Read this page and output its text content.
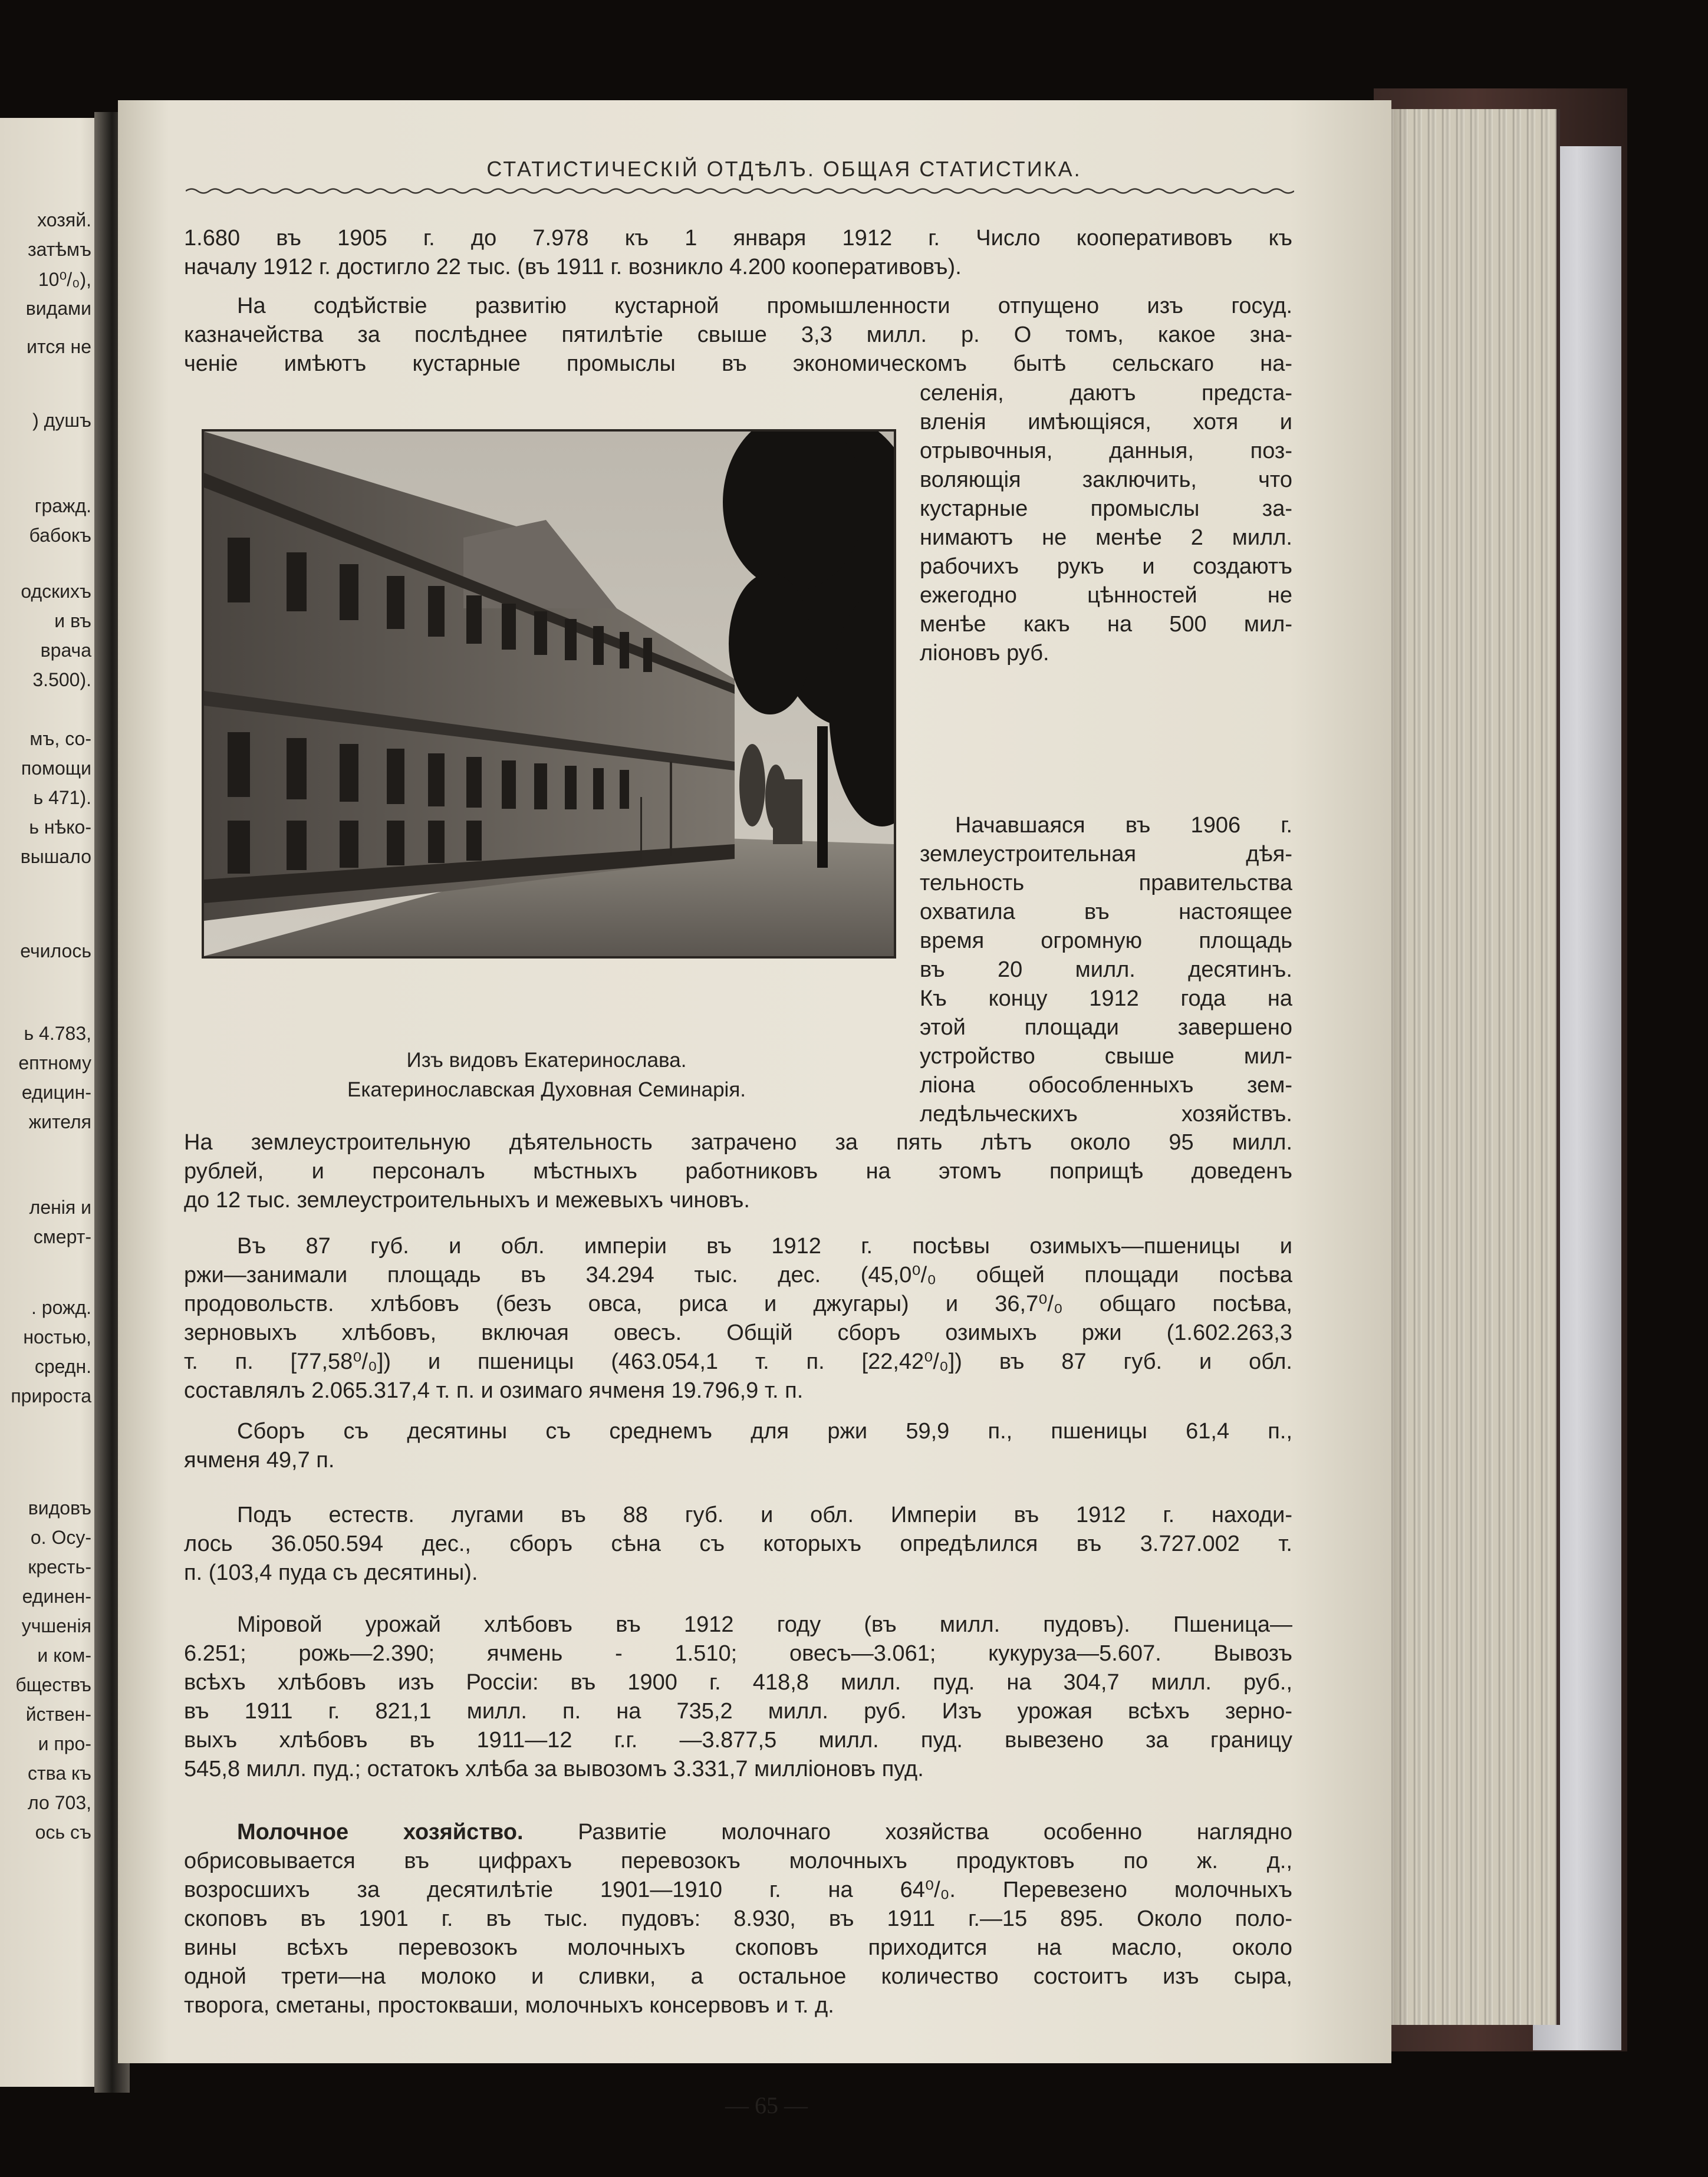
хозяй.
затѣмъ
10⁰/₀),
видами
ится не
) душъ
гражд.
бабокъ
одскихъ
и въ
врача
3.500).
мъ, со-
помощи
ь 471).
ь нѣко-
вышало
ечилось
ь 4.783,
ептному
едицин-
жителя
ленія и
смерт-
. рожд.
ностью,
средн.
прироста
видовъ
о. Осу-
кресть-
единен-
учшенія
и ком-
бществъ
йствен-
и про-
ства къ
ло 703,
ось съ
СТАТИСТИЧЕСКІЙ ОТДѢЛЪ. ОБЩАЯ СТАТИСТИКА.
1.680 въ 1905 г. до 7.978 къ 1 января 1912 г. Число кооперативовъ къ
началу 1912 г. достигло 22 тыс. (въ 1911 г. возникло 4.200 кооперативовъ).
На содѣйствіе развитію кустарной промышленности отпущено изъ госуд.
казначейства за послѣднее пятилѣтіе свыше 3,3 милл. р. О томъ, какое зна-
ченіе имѣютъ кустарные промыслы въ экономическомъ бытѣ сельскаго на-
селенія, даютъ предста-
вленія имѣющіяся, хотя и
отрывочныя, данныя, поз-
воляющія заключить, что
кустарные промыслы за-
нимаютъ не менѣе 2 милл.
рабочихъ рукъ и создаютъ
ежегодно цѣнностей не
менѣе какъ на 500 мил-
ліоновъ руб.
Начавшаяся въ 1906 г.
землеустроительная дѣя-
тельность правительства
охватила въ настоящее
время огромную площадь
въ 20 милл. десятинъ.
Къ концу 1912 года на
этой площади завершено
устройство свыше мил-
ліона обособленныхъ зем-
ледѣльческихъ хозяйствъ.
Изъ видовъ Екатеринослава.
Екатеринославская Духовная Семинарія.
На землеустроительную дѣятельность затрачено за пять лѣтъ около 95 милл.
рублей, и персоналъ мѣстныхъ работниковъ на этомъ поприщѣ доведенъ
до 12 тыс. землеустроительныхъ и межевыхъ чиновъ.
Въ 87 губ. и обл. имперіи въ 1912 г. посѣвы озимыхъ—пшеницы и
ржи—занимали площадь въ 34.294 тыс. дес. (45,0⁰/₀ общей площади посѣва
продовольств. хлѣбовъ (безъ овса, риса и джугары) и 36,7⁰/₀ общаго посѣва,
зерновыхъ хлѣбовъ, включая овесъ. Общій сборъ озимыхъ ржи (1.602.263,3
т. п. [77,58⁰/₀]) и пшеницы (463.054,1 т. п. [22,42⁰/₀]) въ 87 губ. и обл.
составлялъ 2.065.317,4 т. п. и озимаго ячменя 19.796,9 т. п.
Сборъ съ десятины съ среднемъ для ржи 59,9 п., пшеницы 61,4 п.,
ячменя 49,7 п.
Подъ естеств. лугами въ 88 губ. и обл. Имперіи въ 1912 г. находи-
лось 36.050.594 дес., сборъ сѣна съ которыхъ опредѣлился въ 3.727.002 т.
п. (103,4 пуда съ десятины).
Міровой урожай хлѣбовъ въ 1912 году (въ милл. пудовъ). Пшеница—
6.251; рожь—2.390; ячмень - 1.510; овесъ—3.061; кукуруза—5.607. Вывозъ
всѣхъ хлѣбовъ изъ Россіи: въ 1900 г. 418,8 милл. пуд. на 304,7 милл. руб.,
въ 1911 г. 821,1 милл. п. на 735,2 милл. руб. Изъ урожая всѣхъ зерно-
выхъ хлѣбовъ въ 1911—12 г.г. —3.877,5 милл. пуд. вывезено за границу
545,8 милл. пуд.; остатокъ хлѣба за вывозомъ 3.331,7 милліоновъ пуд.
Молочное хозяйство. Развитіе молочнаго хозяйства особенно наглядно
обрисовывается въ цифрахъ перевозокъ молочныхъ продуктовъ по ж. д.,
возросшихъ за десятилѣтіе 1901—1910 г. на 64⁰/₀. Перевезено молочныхъ
скоповъ въ 1901 г. въ тыс. пудовъ: 8.930, въ 1911 г.—15 895. Около поло-
вины всѣхъ перевозокъ молочныхъ скоповъ приходится на масло, около
одной трети—на молоко и сливки, а остальное количество состоитъ изъ сыра,
творога, сметаны, простокваши, молочныхъ консервовъ и т. д.
— 65 —
